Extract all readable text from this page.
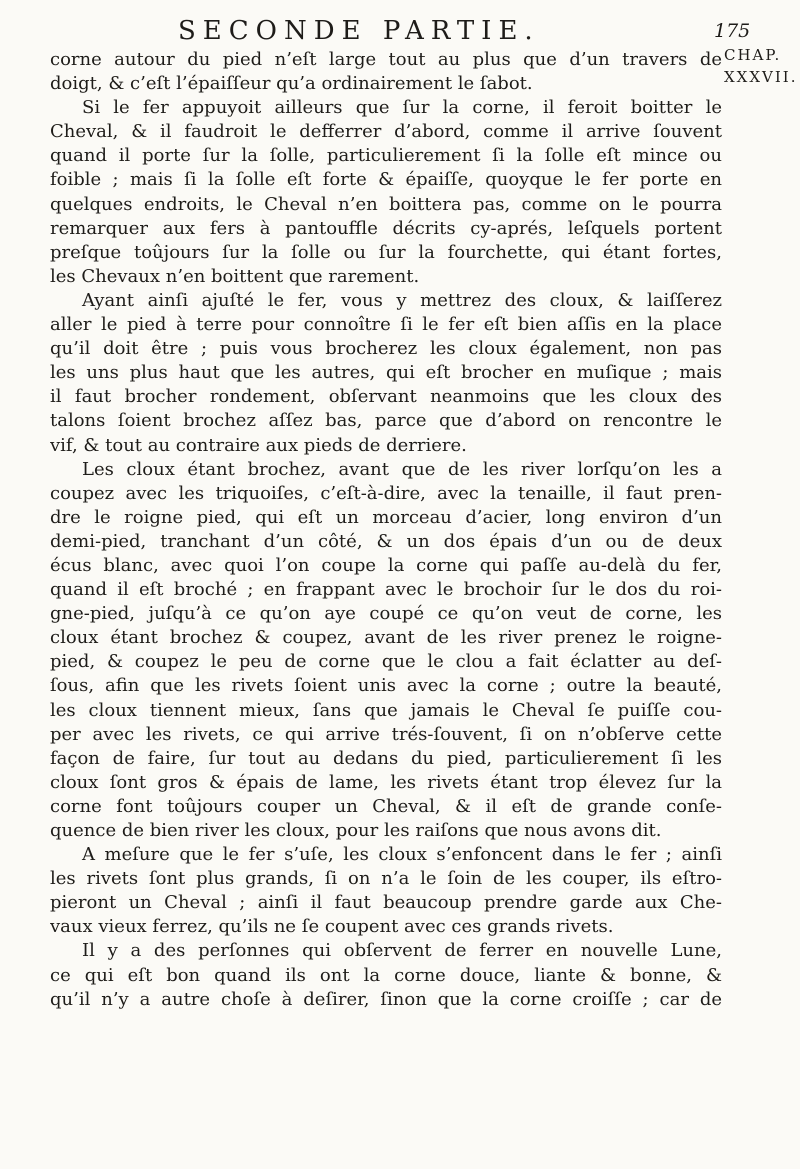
SECONDE PARTIE.	175
CHAP.
XXXVII.
corne autour du pied n’eſt large tout au plus que d’un travers de
doigt, & c’eſt l’épaiſſeur qu’a ordinairement le ſabot.
Si le fer appuyoit ailleurs que ſur la corne, il feroit boitter le
Cheval, & il faudroit le defferrer d’abord, comme il arrive ſouvent
quand il porte ſur la ſolle, particulierement ſi la ſolle eſt mince ou
foible ; mais ſi la ſolle eſt forte & épaiſſe, quoyque le fer porte en
quelques endroits, le Cheval n’en boittera pas, comme on le pourra
remarquer aux fers à pantouffle décrits cy-aprés, leſquels portent
preſque toûjours ſur la ſolle ou ſur la fourchette, qui étant fortes,
les Chevaux n’en boittent que rarement.
Ayant ainſi ajuſté le fer, vous y mettrez des cloux, & laiſſerez
aller le pied à terre pour connoître ſi le fer eſt bien aſſis en la place
qu’il doit être ; puis vous brocherez les cloux également, non pas
les uns plus haut que les autres, qui eſt brocher en muſique ; mais
il faut brocher rondement, obſervant neanmoins que les cloux des
talons ſoient brochez aſſez bas, parce que d’abord on rencontre le
vif, & tout au contraire aux pieds de derriere.
Les cloux étant brochez, avant que de les river lorſqu’on les a
coupez avec les triquoiſes, c’eſt-à-dire, avec la tenaille, il faut pren-
dre le roigne pied, qui eſt un morceau d’acier, long environ d’un
demi-pied, tranchant d’un côté, & un dos épais d’un ou de deux
écus blanc, avec quoi l’on coupe la corne qui paſſe au-delà du fer,
quand il eſt broché ; en frappant avec le brochoir ſur le dos du roi-
gne-pied, juſqu’à ce qu’on aye coupé ce qu’on veut de corne, les
cloux étant brochez & coupez, avant de les river prenez le roigne-
pied, & coupez le peu de corne que le clou a fait éclatter au deſ-
ſous, afin que les rivets ſoient unis avec la corne ; outre la beauté,
les cloux tiennent mieux, ſans que jamais le Cheval ſe puiſſe cou-
per avec les rivets, ce qui arrive trés-ſouvent, ſi on n’obſerve cette
façon de faire, ſur tout au dedans du pied, particulierement ſi les
cloux ſont gros & épais de lame, les rivets étant trop élevez ſur la
corne font toûjours couper un Cheval, & il eſt de grande conſe-
quence de bien river les cloux, pour les raiſons que nous avons dit.
A meſure que le fer s’uſe, les cloux s’enfoncent dans le fer ; ainſi
les rivets ſont plus grands, ſi on n’a le ſoin de les couper, ils eſtro-
pieront un Cheval ; ainſi il faut beaucoup prendre garde aux Che-
vaux vieux ferrez, qu’ils ne ſe coupent avec ces grands rivets.
Il y a des perſonnes qui obſervent de ferrer en nouvelle Lune,
ce qui eſt bon quand ils ont la corne douce, liante & bonne, &
qu’il n’y a autre choſe à deſirer, ſinon que la corne croiſſe ; car de
